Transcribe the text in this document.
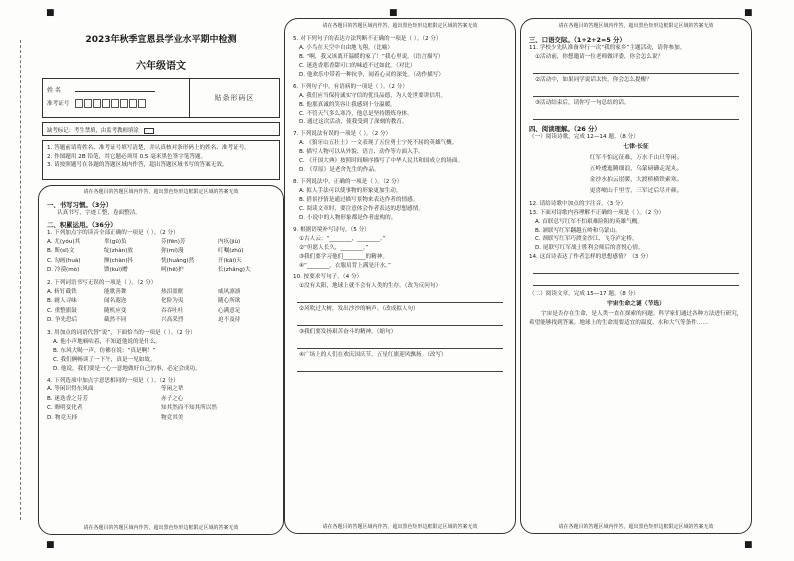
■	■	■
■	■
2023年秋季宣恩县学业水平期中检测
六年级语文
姓 名
准考证号
贴条形码区
缺考标记：考生禁填，由监考教师填涂
1. 答题前请将姓名、准考证号填写清楚，并认真核对条形码上的姓名、准考证号。
2. 作图题用 2B 铅笔，其它题必须用 0.5 毫米黑色签字笔答题。
3. 请按照题号在各题的答题区域内作答，超出答题区域书写的答案无效。
请在各题目的答题区域内作答，超出黑色矩形边框限定区域的答案无效
一、书写习惯。（3分）
认真书写，字迹工整，卷面整洁。
二、积累运用。（36分）
1. 下列加点字的读音全部正确的一项是（ ）。（2 分）
A. 尤(yóu)其	辜(gū)负	芬(fēn)芳	内疚(jiù)
B. 斯(sī)文	绽(zhàn)放	弥(mí)漫	叮嘱(zhǔ)
C. 勾画(huà)	颤(chàn)抖	恍(huǎng)然	开(kāi)天
D. 冷漠(mò)	馈(kuì)赠	呵(hē)护	长(zhǎng)大
2. 下列词语书写无误的一项是（ ）。（2 分）
A. 斩钉截铁	能歌善舞	热泪盈眶	威风凛凛
B. 耐人寻味	闻名遐迩	化险为夷	随心所欲
C. 重整旗鼓	随机应变	吞吞吐吐	心满意足
D. 争先恐后	截然不同	兴高采烈	迫不及待
3. 用加点的词语代替“说”，下面恰当的一项是（ ）。（2 分）
A. 他小声地嘀咕着，不知道他说的是什么。
B. 东风大喝一声，仿佛在说：“真是啊！”
C. 我们俩畅谈了一下午，真是一见如故。
D. 他说，我们要是一心一意地做好自己的事，必定会成功。
4. 下列选项中加点字意思相同的一项是（ ）。（2 分）
A. 等闲识得东风面	等闲之辈
B. 迷迭香之芬芳	赤子之心
C. 晦明变化者	知其然而不知其所以然
D. 物竞天择	物竞其美
请在各题目的答题区域内作答，超出黑色矩形边框限定区域的答案无效
请在各题目的答题区域内作答，超出黑色矩形边框限定区域的答案无效
5. 对下列句子的表达方法判断不正确的一项是（ ）。（2 分）
A. 小鸟在天空中自由地飞翔。（比喻）
B. “啊，我又该离开温暖的家了！”我心里说。（语言描写）
C. 迷迭香那香甜可口的味道不过如此。（对比）
D. 他欢乐中带着一种抗争，闻着心灵的深处。（动作描写）
6. 下列句子中，有语病的一项是（ ）。（2 分）
A. 我们应当保持诚实守信的优良品德，为人处世要讲信用。
B. 他那真诚的笑容让我感到十分温暖。
C. 不管天气多么寒冷，他总是坚持锻炼身体。
D. 通过这次活动，使我受到了深刻的教育。
7. 下列说法有误的一项是（ ）。（2 分）
A. 《狼牙山五壮士》一文表现了五位勇士宁死不屈的英雄气概。
B. 描写人物可以从外貌、语言、动作等方面入手。
C. 《开国大典》按照时间顺序描写了中华人民共和国成立的场面。
D. 《草原》是老舍先生的作品。
8. 下列说法中，正确的一项是（ ）。（2 分）
A. 拟人手法可以使事物的形象更加生动。
B. 借景抒情是通过描写景物来表达作者的情感。
C. 阅读文章时，要注意体会作者表达的思想感情。
D. 小说中的人物形象都是作者虚构的。
9. 根据语境补写诗句。（5 分）
①古人云：“________，________。”
②“但愿人长久，________。”
③我们要学习他们________的精神。
④“________，衣服肩背上满是汗水。”
10. 按要求写句子。（4 分）
①没有太阳，地球上就不会有人类的生存。（改为反问句）
②风吹过大树，发出沙沙的响声。（改成拟人句）
③我们要发扬艰苦奋斗的精神。（缩句）
④广场上的人们在欢庆国庆节，五星红旗迎风飘扬。（改写）
请在各题目的答题区域内作答，超出黑色矩形边框限定区域的答案无效
请在各题目的答题区域内作答，超出黑色矩形边框限定区域的答案无效
三、口语交际。（1+2+2=5 分）
11. 学校少先队准备举行一次“我的家乡”主题活动，请你参加。
①活动前，你想邀请一位老师做评委，你会怎么说？
②活动中，如果同学说话太快，你会怎么提醒？
③活动结束后，请你写一句总结的话。
四、阅读理解。（26 分）
（一）阅读诗歌，完成 12—14 题。（8 分）
七律·长征
红军不怕远征难，万水千山只等闲。
五岭逶迤腾细浪，乌蒙磅礴走泥丸。
金沙水拍云崖暖，大渡桥横铁索寒。
更喜岷山千里雪，三军过后尽开颜。
12. 请给诗歌中加点的字注音。（3 分）
13. 下面对诗歌内容理解不正确的一项是（ ）。（2 分）
A. 首联总写红军不怕艰难险阻的英雄气概。
B. 颔联写红军翻越五岭和乌蒙山。
C. 颈联写红军巧渡金沙江、飞夺泸定桥。
D. 尾联写红军战士胜利会师后的喜悦心情。
14. 这首诗表达了作者怎样的思想感情？（3 分）
（二）阅读文章，完成 15—17 题。（8 分）
宇宙生命之谜（节选）
宇宙是否存在生命，是人类一直在探索的问题。科学家们通过各种方法进行研究，希望能够找到答案。地球上的生命需要适宜的温度、水和大气等条件……
请在各题目的答题区域内作答，超出黑色矩形边框限定区域的答案无效
